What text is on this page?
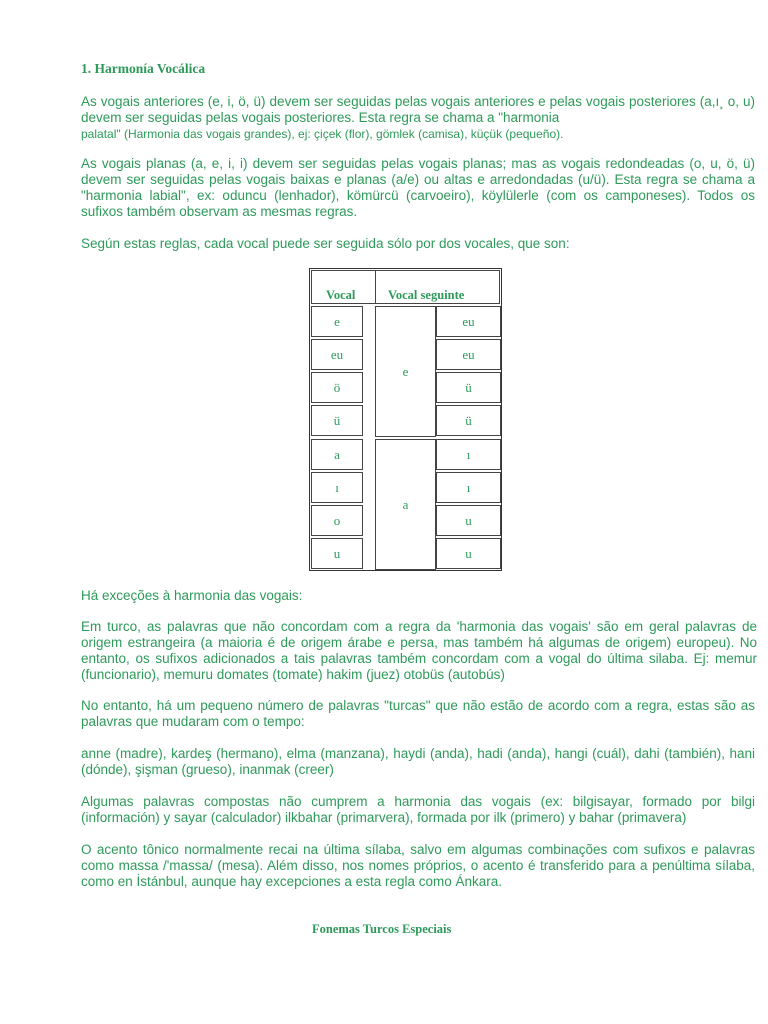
1. Harmonía Vocálica
As vogais anteriores (e, i, ö, ü) devem ser seguidas pelas vogais anteriores e pelas vogais posteriores (a,ı¸ o, u) devem ser seguidas pelas vogais posteriores. Esta regra se chama a "harmonia
palatal" (Harmonia das vogais grandes), ej: çiçek (flor), gömlek (camisa), küçük (pequeño).
As vogais planas (a, e, i, i) devem ser seguidas pelas vogais planas; mas as vogais redondeadas (o, u, ö, ü) devem ser seguidas pelas vogais baixas e planas (a/e) ou altas e arredondadas (u/ü). Esta regra se chama a "harmonia labial", ex: oduncu (lenhador), kömürcü (carvoeiro), köylülerle (com os camponeses). Todos os sufixos também observam as mesmas regras.
Según estas reglas, cada vocal puede ser seguida sólo por dos vocales, que son:
Há exceções à harmonia das vogais:
Em turco, as palavras que não concordam com a regra da 'harmonia das vogais' são em geral palavras de origem estrangeira (a maioria é de origem árabe e persa, mas também há algumas de origem) europeu). No entanto, os sufixos adicionados a tais palavras também concordam com a vogal do última silaba. Ej: memur (funcionario), memuru domates (tomate) hakim (juez) otobüs (autobús)
No entanto, há um pequeno número de palavras "turcas" que não estão de acordo com a regra, estas são as palavras que mudaram com o tempo:
anne (madre), kardeş (hermano), elma (manzana), haydi (anda), hadi (anda), hangi (cuál), dahi (también), hani (dónde), şişman (grueso), inanmak (creer)
Algumas palavras compostas não cumprem a harmonia das vogais (ex: bilgisayar, formado por bilgi (información) y sayar (calculador) ilkbahar (primarvera), formada por ilk (primero) y bahar (primavera)
O acento tônico normalmente recai na última sílaba, salvo em algumas combinações com sufixos e palavras como massa /'massa/ (mesa). Além disso, nos nomes próprios, o acento é transferido para a penúltima sílaba, como en İstánbul, aunque hay excepciones a esta regla como Ánkara.
Vocal	Vocal seguinte
e
eu
ö
ü
a
ı
o
u
e
a
eu
eu
ü
ü
ı
ı
u
u
Fonemas Turcos Especiais
